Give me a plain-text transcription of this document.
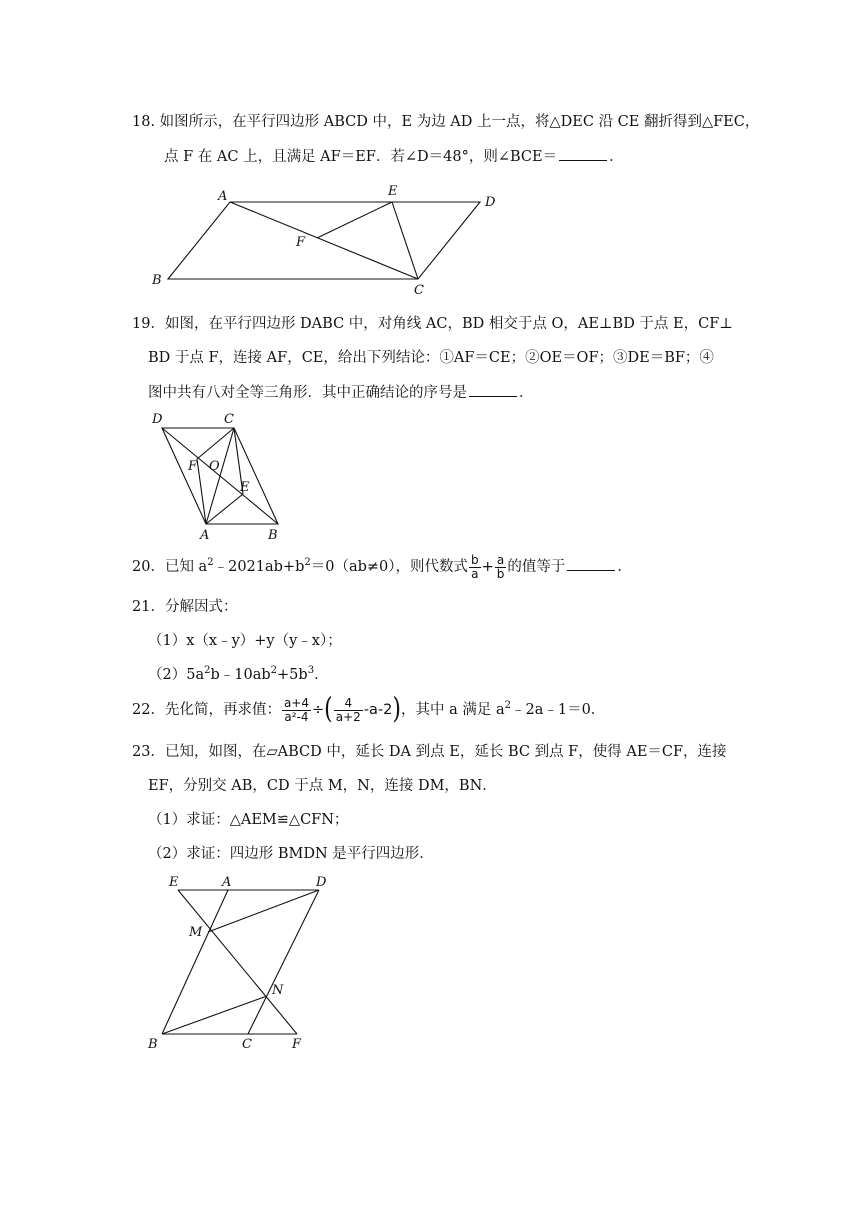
18. 如图所示，在平行四边形 ABCD 中，E 为边 AD 上一点，将△DEC 沿 CE 翻折得到△FEC，
点 F 在 AC 上，且满足 AF＝EF．若∠D＝48°，则∠BCE＝	．
A	E
D
F
B
C
19．如图，在平行四边形 DABC 中，对角线 AC，BD 相交于点 O，AE⊥BD 于点 E，CF⊥
BD 于点 F，连接 AF，CE，给出下列结论：①AF＝CE；②OE＝OF；③DE＝BF；④
图中共有八对全等三角形．其中正确结论的序号是	．
D	C
F O
E
A	B
20．已知 $a^2﹣2021ab+b^2=0(ab\ne 0)$，则代数式 $\frac{b}{a} + \frac{a}{b}$ 的值等于	．
21．分解因式：
（1）x（x﹣y）+y（y﹣x）；
$(2)5a^2b﹣10ab^2+5b^3$．
22．先化简，再求值： $\frac{a+4}{\text{a²-4}}$ ÷( $\frac{4}{a+2} -a-2$)，其中 a 满足 $a^2﹣2a﹣1=0$．
23．已知，如图，在▱ABCD 中，延长 DA 到点 E，延长 BC 到点 F，使得 AE＝CF，连接
EF，分别交 AB，CD 于点 M，N，连接 DM，BN．
（1）求证：△AEM≌△CFN；
（2）求证：四边形 BMDN 是平行四边形．
E	A	D
M
N
B	C	F
